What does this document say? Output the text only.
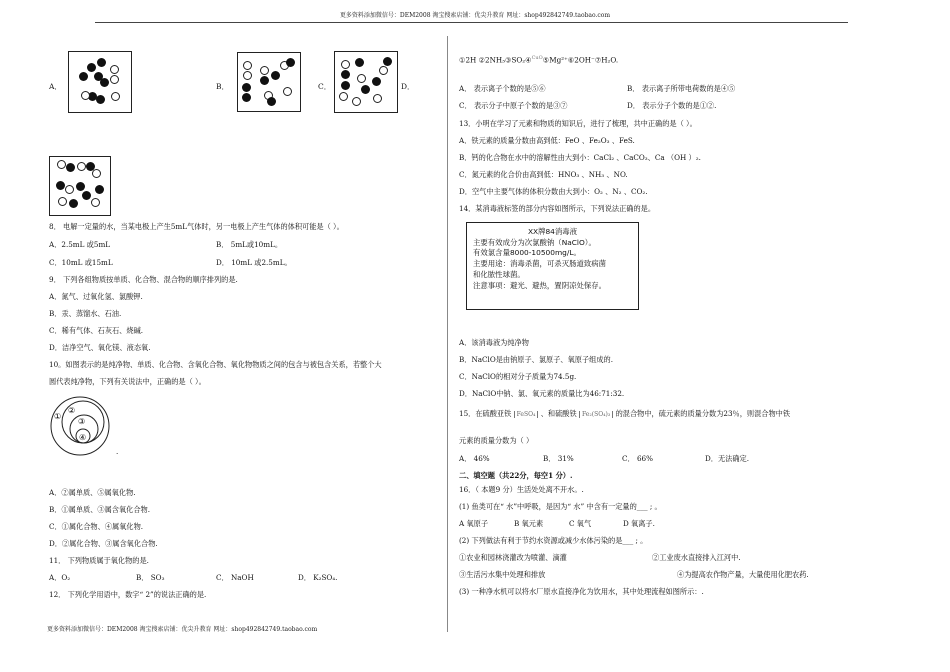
更多资料添加微信号：DEM2008 淘宝搜索店铺：优尖升教育 网址：shop492842749.taobao.com
更多资料添加微信号：DEM2008 淘宝搜索店铺：优尖升教育 网址：shop492842749.taobao.com
A．	B．	C．	D．
8． 电解一定量的水，当某电极上产生5mL气体时，另一电极上产生气体的体积可能是（ ）。
A．2.5mL 或5mL	B． 5mL或10mL。
C．10mL 或15mL	D． 10mL 或2.5mL。
9． 下列各组物质按单质、化合物、混合物的顺序排列的是.
A．氮气、过氧化氢、氯酸钾.
B．汞、蒸馏水、石油.
C．稀有气体、石灰石、烧碱.
D．洁净空气、氧化镁、液态氧.
10。如图表示的是纯净物、单质、化合物、含氧化合物、氧化物物质之间的包含与被包含关系，若整个大
圆代表纯净物，下列有关说法中，正确的是（ ）。
①
②
③
④
.
A．②属单质、⑤属氧化物.
B．①属单质、③属含氧化合物.
C．①属化合物、④属氧化物.
D．②属化合物、③属含氧化合物.
11． 下列物质属于氧化物的是.
A．O₂	B． SO₃	C． NaOH	D． K₂SO₄.
12． 下列化学用语中，数字“ 2”的说法正确的是.
①2H ②2NH₃③SO₂④$^{CuO}$⑤Mg²⁺⑥2OH⁻⑦H₂O.
A． 表示离子个数的是⑤⑥	B． 表示离子所带电荷数的是④⑤
C． 表示分子中原子个数的是③⑦	D． 表示分子个数的是①②.
13．小明在学习了元素和物质的知识后，进行了梳理，共中正确的是（ ）。
A．铁元素的质量分数由高到低：FeO 、Fe₂O₃ 、FeS.
B．钙的化合物在水中的溶解性由大到小：CaCl₂ 、CaCO₃、Ca （OH ）₂.
C．氮元素的化合价由高到低：HNO₃ 、NH₃ 、NO.
D．空气中主要气体的体积分数由大到小：O₂ 、N₂ 、CO₂.
14．某消毒液标签的部分内容如图所示，下列说法正确的是。
XX牌84消毒液
主要有效成分为次氯酸钠（NaClO）。
有效氯含量8000-10500mg/L。
主要用途：消毒杀菌，可杀灭肠道致病菌
和化脓性球菌。
注意事项：避光、避热，置阴凉处保存。
A．该消毒液为纯净物
B．NaClO是由钠原子、氯原子、氧原子组成的.
C．NaClO的相对分子质量为74.5g.
D．NaClO中钠、氯、氧元素的质量比为46:71:32.
15．在硫酸亚铁 FeSO₄ 、和硫酸铁 Fe₂(SO₄)₃ 的混合物中，硫元素的质量分数为23％，则混合物中铁
元素的质量分数为（ ）
A． 46%	B． 31%	C． 66%	D．无法确定.
二、填空题（共22分，每空1 分）.
16．（ 本题9 分）生活处处离不开水。.
(1) 鱼类可在“ 水”中呼吸，是因为“ 水” 中含有一定量的___ ; 。
A 氧原子	B 氧元素	C 氧气	D 氧离子.
(2) 下列做法有利于节约水资源或减少水体污染的是___ ; 。
①农业和园林浇灌改为喷灌、滴灌	②工业废水直接排入江河中.
③生活污水集中处理和排放	④为提高农作物产量，大量使用化肥农药.
(3) 一种净水机可以将水厂原水直接净化为饮用水，其中处理流程如图所示：.
